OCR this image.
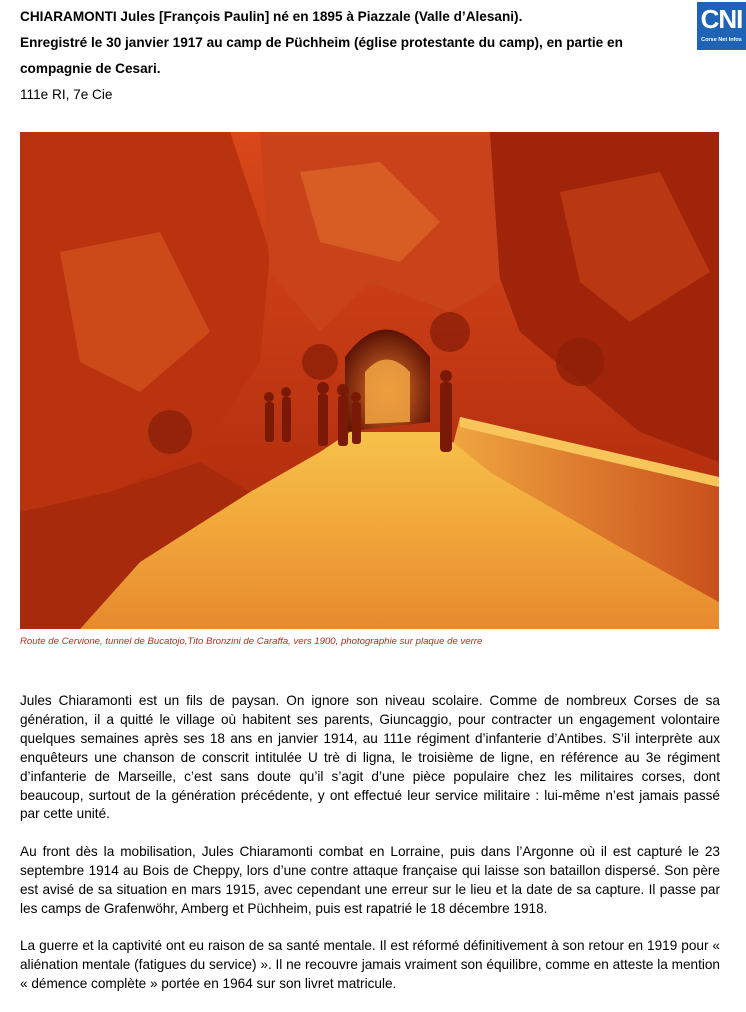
CHIARAMONTI Jules [François Paulin] né en 1895 à Piazzale (Valle d’Alesani).
Enregistré le 30 janvier 1917 au camp de Püchheim (église protestante du camp), en partie en
compagnie de Cesari.
111e RI, 7e Cie
CNI
Corse Net Infos
Route de Cervione, tunnel de Bucatojo,Tito Bronzini de Caraffa, vers 1900, photographie sur plaque de verre

Jules Chiaramonti est un fils de paysan. On ignore son niveau scolaire. Comme de nombreux Corses de sa génération, il a quitté le village où habitent ses parents, Giuncaggio, pour contracter un engagement volontaire quelques semaines après ses 18 ans en janvier 1914, au 111e régiment d’infanterie d’Antibes. S’il interprète aux enquêteurs une chanson de conscrit intitulée U trè di ligna, le troisième de ligne, en référence au 3e régiment d’infanterie de Marseille, c’est sans doute qu’il s’agit d’une pièce populaire chez les militaires corses, dont beaucoup, surtout de la génération précédente, y ont effectué leur service militaire : lui-même n’est jamais passé par cette unité.

Au front dès la mobilisation, Jules Chiaramonti combat en Lorraine, puis dans l’Argonne où il est capturé le 23 septembre 1914 au Bois de Cheppy, lors d’une contre attaque française qui laisse son bataillon dispersé. Son père est avisé de sa situation en mars 1915, avec cependant une erreur sur le lieu et la date de sa capture. Il passe par les camps de Grafenwöhr, Amberg et Püchheim, puis est rapatrié le 18 décembre 1918.

La guerre et la captivité ont eu raison de sa santé mentale. Il est réformé définitivement à son retour en 1919 pour « aliénation mentale (fatigues du service) ». Il ne recouvre jamais vraiment son équilibre, comme en atteste la mention « démence complète » portée en 1964 sur son livret matricule.
